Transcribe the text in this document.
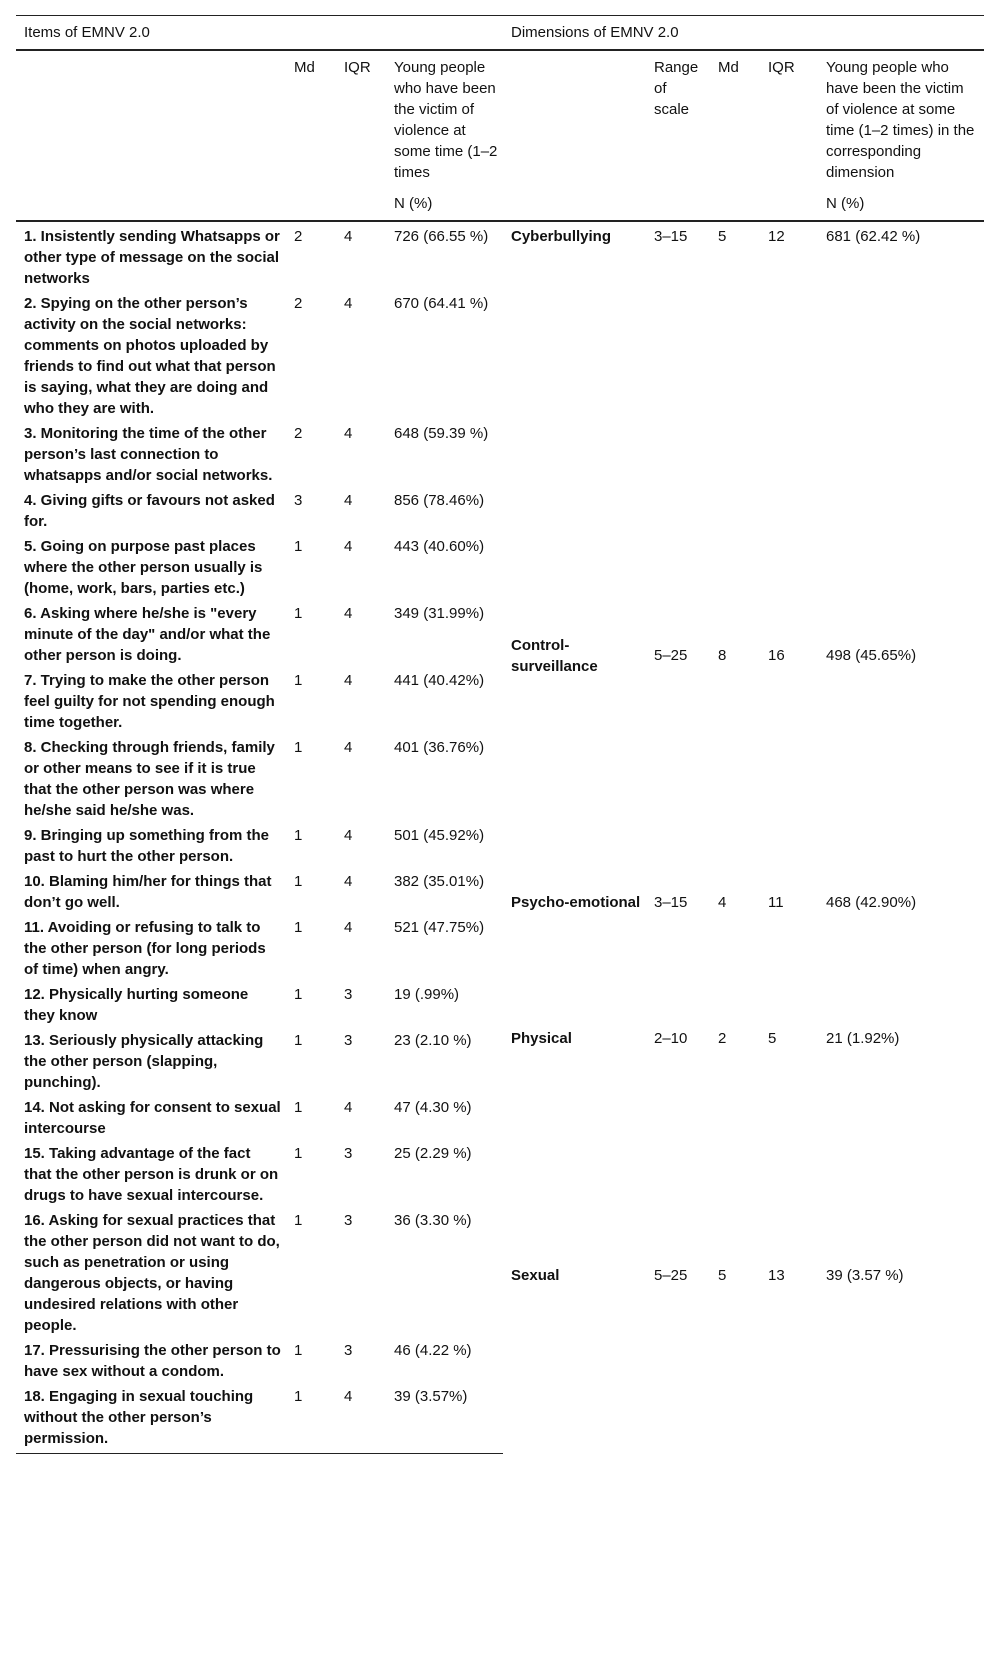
Items of EMNV 2.0				Dimensions of EMNV 2.0				
	Md	IQR	Young people who have been the victim of violence at some time (1–2 times		Range of scale	Md	IQR	Young people who have been the victim of violence at some time (1–2 times) in the corresponding dimension
			N (%)					N (%)
1. Insistently sending Whatsapps or other type of message on the social networks	2	4	726 (66.55 %)	Cyberbullying	3–15	5	12	681 (62.42 %)
2. Spying on the other person’s activity on the social networks: comments on photos uploaded by friends to find out what that person is saying, what they are doing and who they are with.	2	4	670 (64.41 %)					
3. Monitoring the time of the other person’s last connection to whatsapps and/or social networks.	2	4	648 (59.39 %)					
4. Giving gifts or favours not asked for.	3	4	856 (78.46%)	Control-surveillance	5–25	8	16	498 (45.65%)
5. Going on purpose past places where the other person usually is (home, work, bars, parties etc.)	1	4	443 (40.60%)					
6. Asking where he/she is "every minute of the day" and/or what the other person is doing.	1	4	349 (31.99%)					
7. Trying to make the other person feel guilty for not spending enough time together.	1	4	441 (40.42%)					
8. Checking through friends, family or other means to see if it is true that the other person was where he/she said he/she was.	1	4	401 (36.76%)					
9. Bringing up something from the past to hurt the other person.	1	4	501 (45.92%)	Psycho-emotional	3–15	4	11	468 (42.90%)
10. Blaming him/her for things that don’t go well.	1	4	382 (35.01%)					
11. Avoiding or refusing to talk to the other person (for long periods of time) when angry.	1	4	521 (47.75%)					
12. Physically hurting someone they know	1	3	19 (.99%)	Physical	2–10	2	5	21 (1.92%)
13. Seriously physically attacking the other person (slapping, punching).	1	3	23 (2.10 %)					
14. Not asking for consent to sexual intercourse	1	4	47 (4.30 %)	Sexual	5–25	5	13	39 (3.57 %)
15. Taking advantage of the fact that the other person is drunk or on drugs to have sexual intercourse.	1	3	25 (2.29 %)					
16. Asking for sexual practices that the other person did not want to do, such as penetration or using dangerous objects, or having undesired relations with other people.	1	3	36 (3.30 %)					
17. Pressurising the other person to have sex without a condom.	1	3	46 (4.22 %)					
18. Engaging in sexual touching without the other person’s permission.	1	4	39 (3.57%)					
